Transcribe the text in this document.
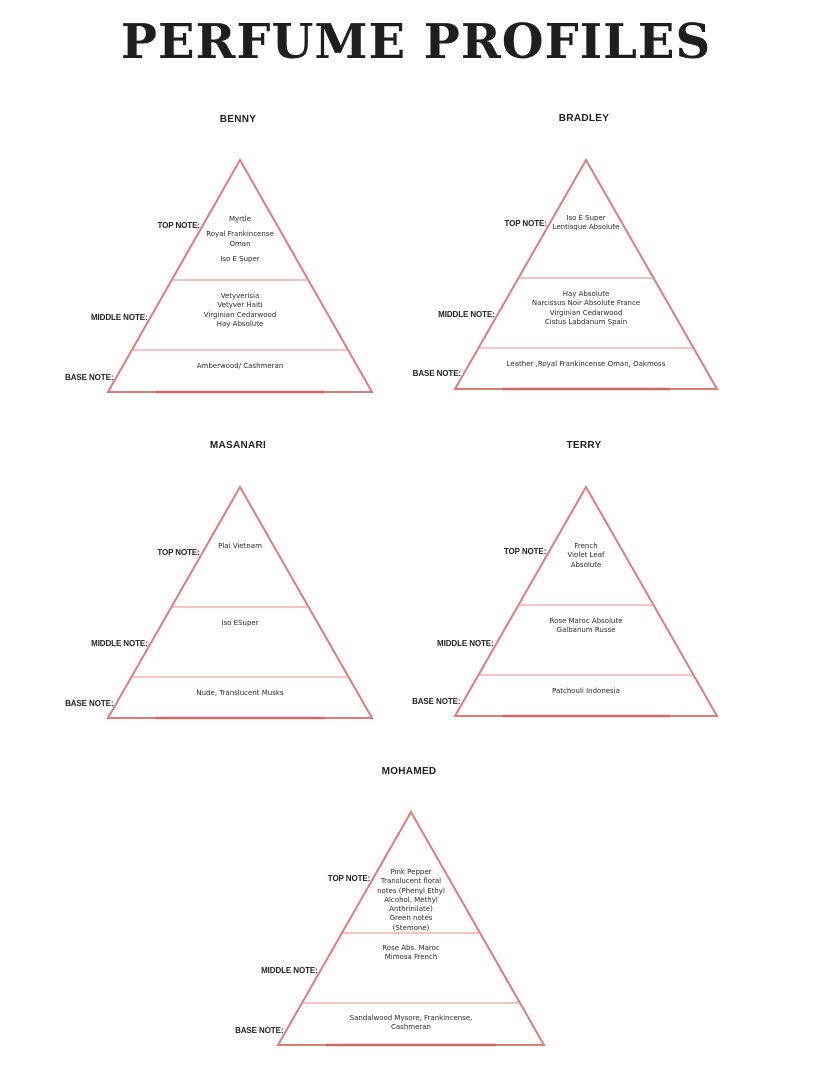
PERFUME PROFILES
BENNY
TOP NOTE:
MIDDLE NOTE:
BASE NOTE:
Myrtle
Royal Frankincense
Oman
Iso E Super
Vetyverisia
Vetyver Haiti
Virginian Cedarwood
Hay Absolute
Amberwood/ Cashmeran
BRADLEY
TOP NOTE:
MIDDLE NOTE:
BASE NOTE:
Iso E Super
Lentisque Absolute
Hay Absolute
Narcissus Noir Absolute France
Virginian Cedarwood
Cistus Labdanum Spain
Leather ,Royal Frankincense Oman, Oakmoss
MASANARI
TOP NOTE:
MIDDLE NOTE:
BASE NOTE:
Plai Vietnam
Iso ESuper
Nude, Translucent Musks
TERRY
TOP NOTE:
MIDDLE NOTE:
BASE NOTE:
French
Violet Leaf
Absolute
Rose Maroc Absolute
Galbanum Russe
Patchouli Indonesia
MOHAMED
TOP NOTE:
MIDDLE NOTE:
BASE NOTE:
Pink Pepper
Translucent floral
notes (Phenyl Ethyl
Alcohol, Methyl
Anthrinilate)
Green notes
(Stemone)
Rose Abs. Maroc
Mimosa French
Sandalwood Mysore, Frankincense,
Cashmeran
